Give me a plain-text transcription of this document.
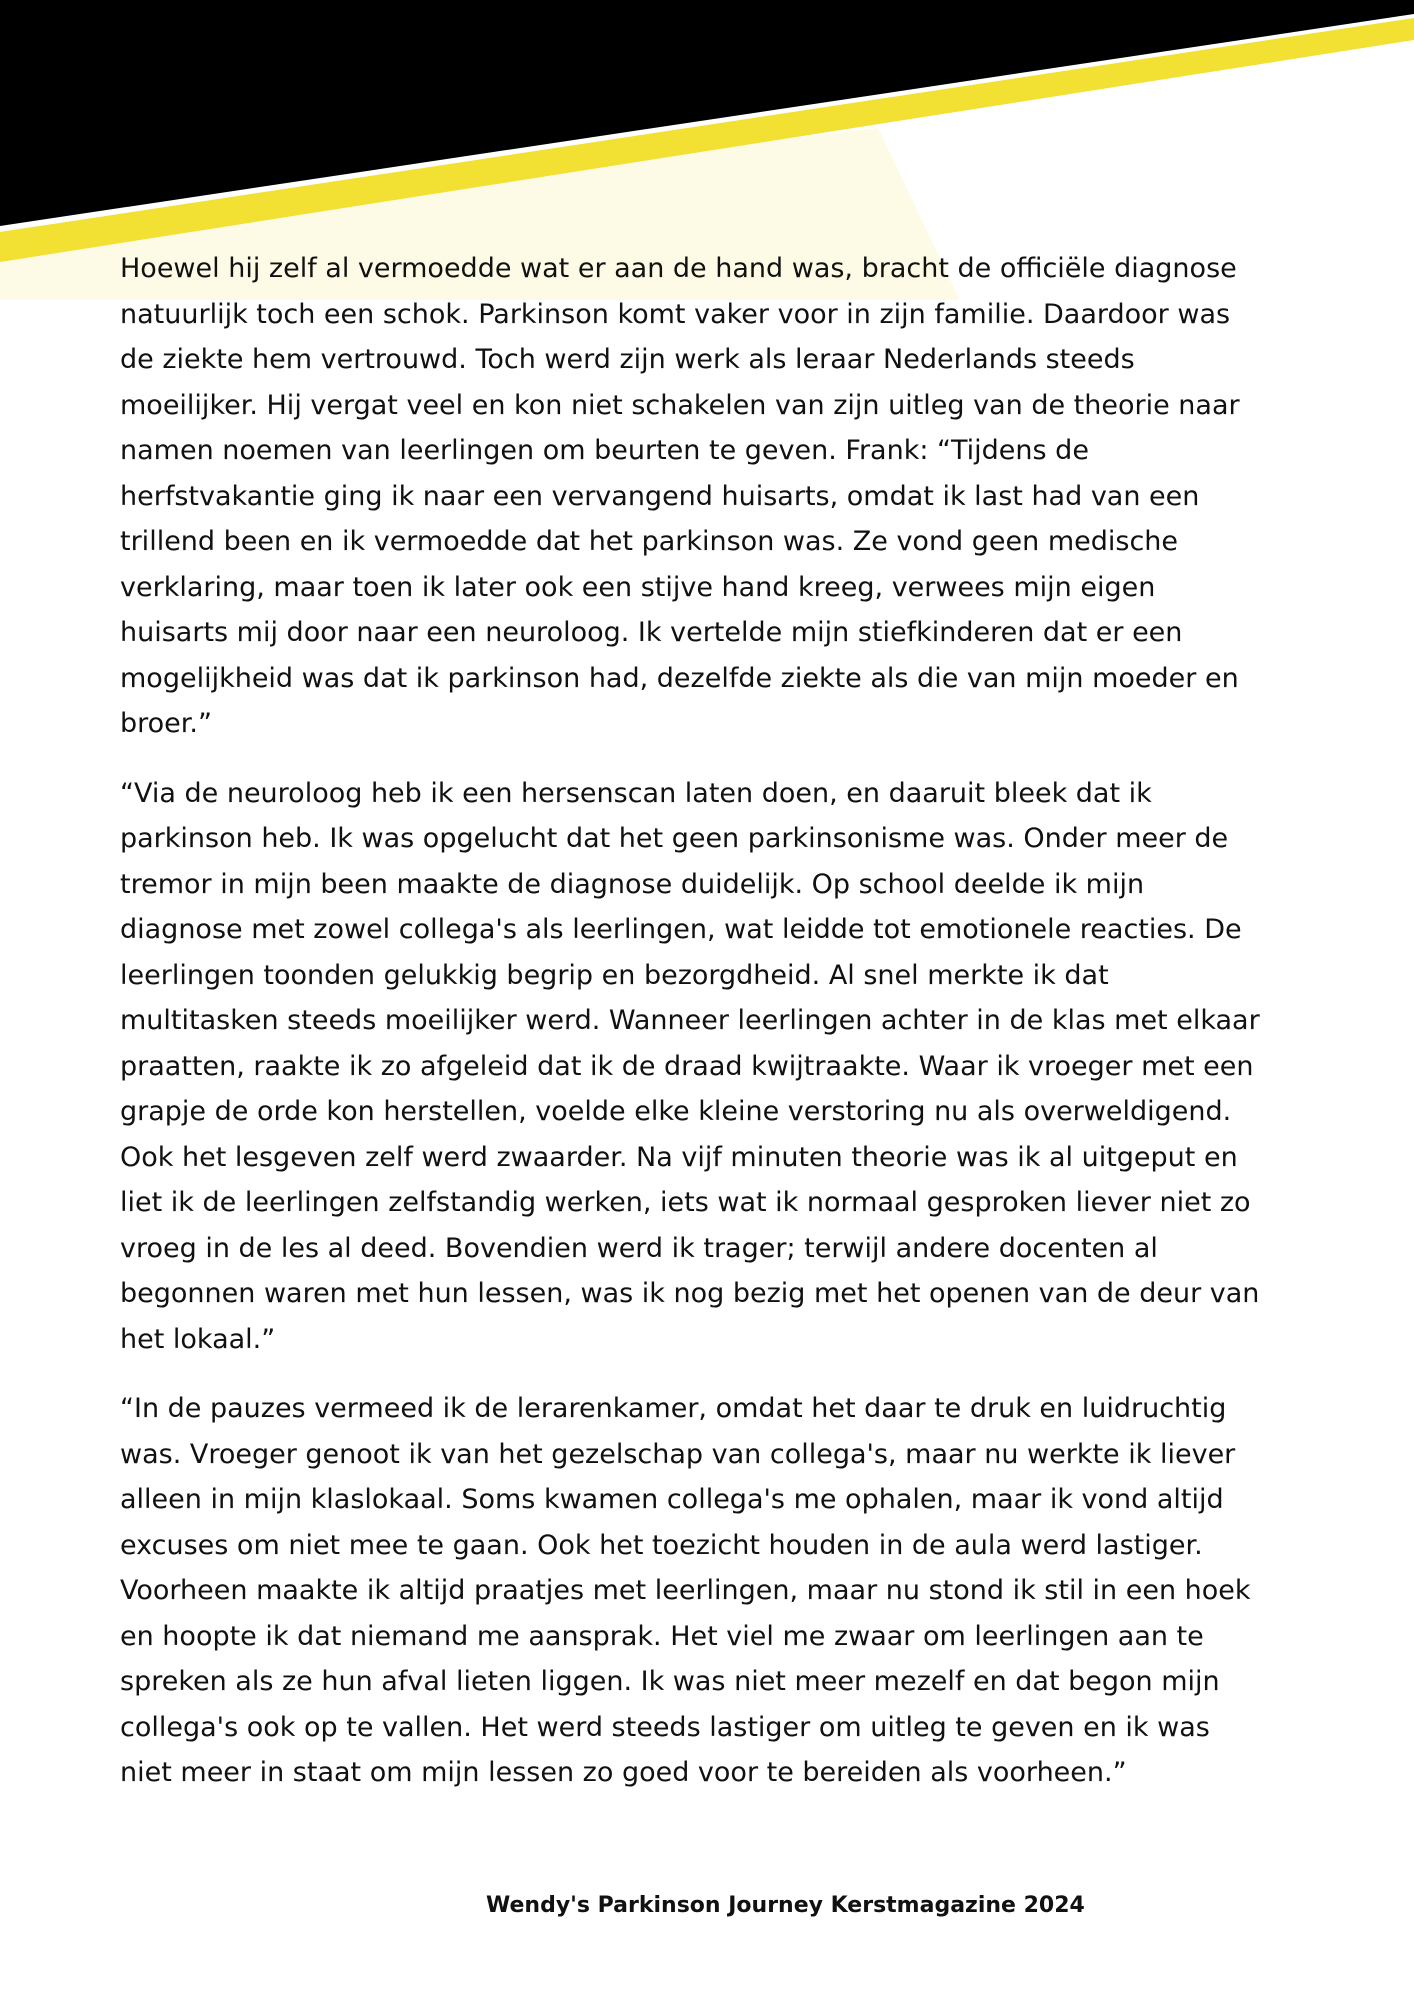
Hoewel hij zelf al vermoedde wat er aan de hand was, bracht de officiële diagnose natuurlijk toch een schok. Parkinson komt vaker voor in zijn familie. Daardoor was de ziekte hem vertrouwd. Toch werd zijn werk als leraar Nederlands steeds moeilijker. Hij vergat veel en kon niet schakelen van zijn uitleg van de theorie naar namen noemen van leerlingen om beurten te geven. Frank: “Tijdens de herfstvakantie ging ik naar een vervangend huisarts, omdat ik last had van een trillend been en ik vermoedde dat het parkinson was. Ze vond geen medische verklaring, maar toen ik later ook een stijve hand kreeg, verwees mijn eigen huisarts mij door naar een neuroloog. Ik vertelde mijn stiefkinderen dat er een mogelijkheid was dat ik parkinson had, dezelfde ziekte als die van mijn moeder en broer.”

“Via de neuroloog heb ik een hersenscan laten doen, en daaruit bleek dat ik parkinson heb. Ik was opgelucht dat het geen parkinsonisme was. Onder meer de tremor in mijn been maakte de diagnose duidelijk. Op school deelde ik mijn diagnose met zowel collega's als leerlingen, wat leidde tot emotionele reacties. De leerlingen toonden gelukkig begrip en bezorgdheid. Al snel merkte ik dat multitasken steeds moeilijker werd. Wanneer leerlingen achter in de klas met elkaar praatten, raakte ik zo afgeleid dat ik de draad kwijtraakte. Waar ik vroeger met een grapje de orde kon herstellen, voelde elke kleine verstoring nu als overweldigend. Ook het lesgeven zelf werd zwaarder. Na vijf minuten theorie was ik al uitgeput en liet ik de leerlingen zelfstandig werken, iets wat ik normaal gesproken liever niet zo vroeg in de les al deed. Bovendien werd ik trager; terwijl andere docenten al begonnen waren met hun lessen, was ik nog bezig met het openen van de deur van het lokaal.”

“In de pauzes vermeed ik de lerarenkamer, omdat het daar te druk en luidruchtig was. Vroeger genoot ik van het gezelschap van collega's, maar nu werkte ik liever alleen in mijn klaslokaal. Soms kwamen collega's me ophalen, maar ik vond altijd excuses om niet mee te gaan. Ook het toezicht houden in de aula werd lastiger. Voorheen maakte ik altijd praatjes met leerlingen, maar nu stond ik stil in een hoek en hoopte ik dat niemand me aansprak. Het viel me zwaar om leerlingen aan te spreken als ze hun afval lieten liggen. Ik was niet meer mezelf en dat begon mijn collega's ook op te vallen. Het werd steeds lastiger om uitleg te geven en ik was niet meer in staat om mijn lessen zo goed voor te bereiden als voorheen.”

Wendy's Parkinson Journey Kerstmagazine 2024
